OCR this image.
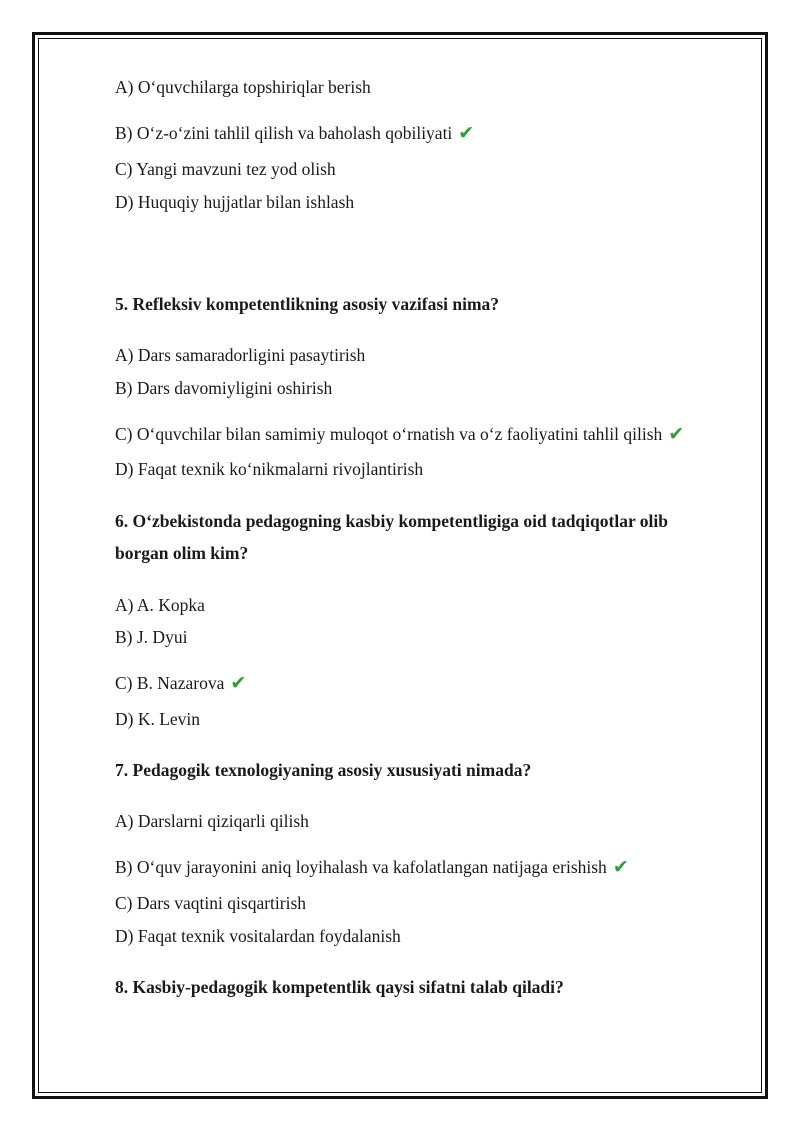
A) O‘quvchilarga topshiriqlar berish
B) O‘z-o‘zini tahlil qilish va baholash qobiliyati ✔
C) Yangi mavzuni tez yod olish
D) Huquqiy hujjatlar bilan ishlash
5. Refleksiv kompetentlikning asosiy vazifasi nima?
A) Dars samaradorligini pasaytirish
B) Dars davomiyligini oshirish
C) O‘quvchilar bilan samimiy muloqot o‘rnatish va o‘z faoliyatini tahlil qilish ✔
D) Faqat texnik ko‘nikmalarni rivojlantirish
6. O‘zbekistonda pedagogning kasbiy kompetentligiga oid tadqiqotlar olib
borgan olim kim?
A) A. Kopka
B) J. Dyui
C) B. Nazarova ✔
D) K. Levin
7. Pedagogik texnologiyaning asosiy xususiyati nimada?
A) Darslarni qiziqarli qilish
B) O‘quv jarayonini aniq loyihalash va kafolatlangan natijaga erishish ✔
C) Dars vaqtini qisqartirish
D) Faqat texnik vositalardan foydalanish
8. Kasbiy-pedagogik kompetentlik qaysi sifatni talab qiladi?
